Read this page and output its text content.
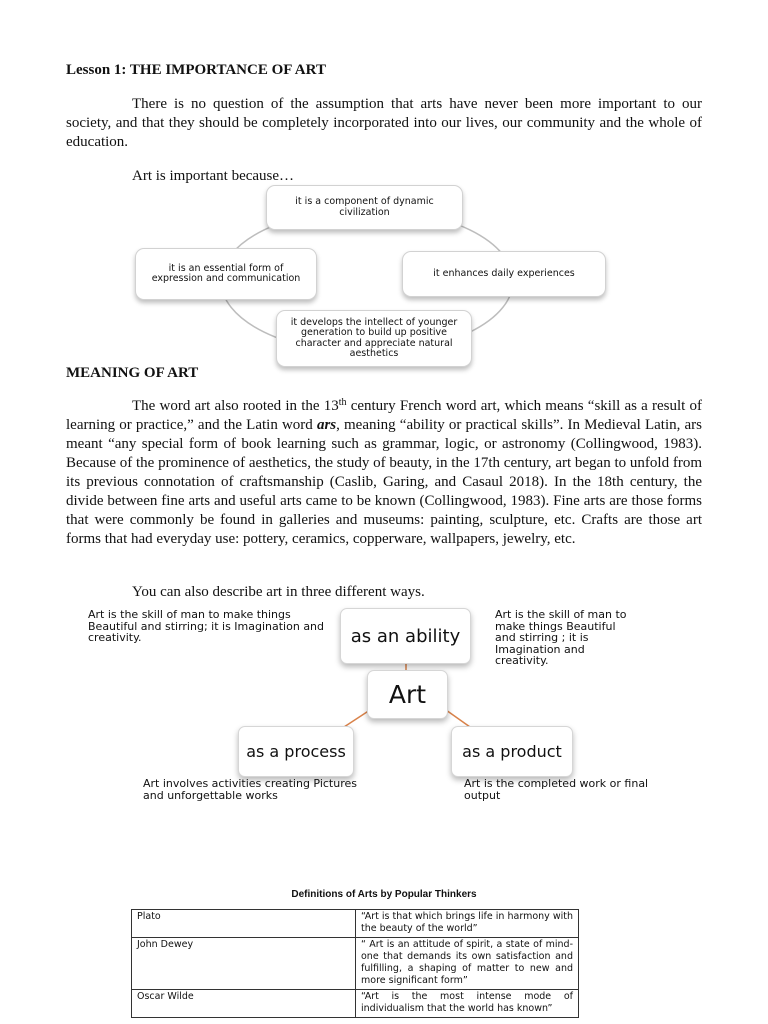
Lesson 1: THE IMPORTANCE OF ART

There is no question of the assumption that arts have never been more important to our society, and that they should be completely incorporated into our lives, our community and the whole of education.

Art is important because…
it is a component of dynamic civilization
it enhances daily experiences
it develops the intellect of younger generation to build up positive character and appreciate natural aesthetics
it is an essential form of expression and communication
MEANING OF ART

The word art also rooted in the 13th century French word art, which means “skill as a result of learning or practice,” and the Latin word ars, meaning “ability or practical skills”. In Medieval Latin, ars meant “any special form of book learning such as grammar, logic, or astronomy (Collingwood, 1983). Because of the prominence of aesthetics, the study of beauty, in the 17th century, art began to unfold from its previous connotation of craftsmanship (Caslib, Garing, and Casaul 2018). In the 18th century, the divide between fine arts and useful arts came to be known (Collingwood, 1983). Fine arts are those forms that were commonly be found in galleries and museums: painting, sculpture, etc. Crafts are those art forms that had everyday use: pottery, ceramics, copperware, wallpapers, jewelry, etc.

You can also describe art in three different ways.
as an ability
Art
as a process	as a product
Art is the skill of man to make things Beautiful and stirring; it is Imagination and creativity.
Art is the skill of man to make things Beautiful and stirring ; it is Imagination and creativity.
Art involves activities creating Pictures and unforgettable works
Art is the completed work or final output
Definitions of Arts by Popular Thinkers
Plato	“Art is that which brings life in harmony with the beauty of the world”
John Dewey	“ Art is an attitude of spirit, a state of mind-one that demands its own satisfaction and fulfilling, a shaping of matter to new and more significant form”
Oscar Wilde	“Art is the most intense mode of individualism that the world has known”
